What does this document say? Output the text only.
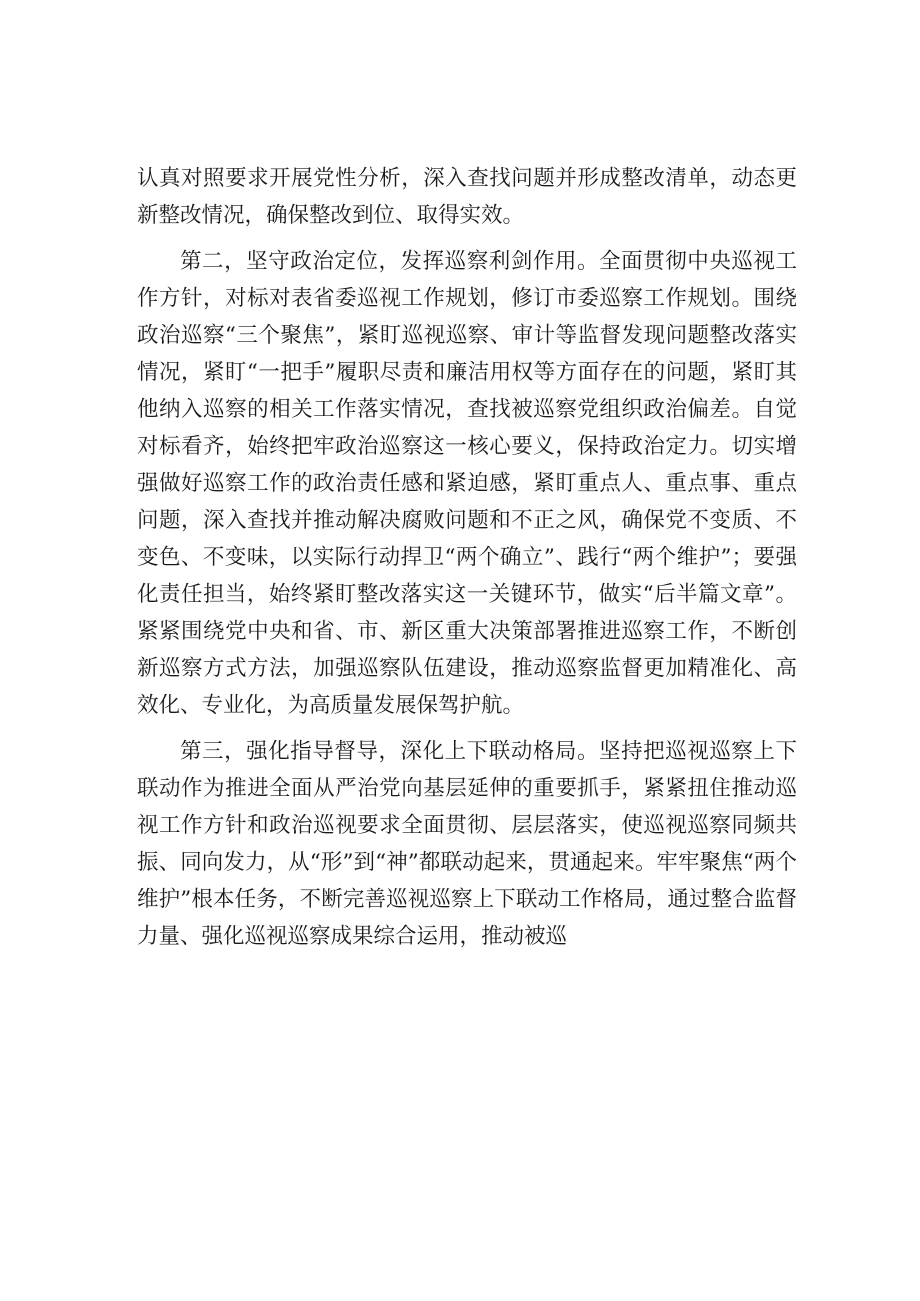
认真对照要求开展党性分析，深入查找问题并形成整改清单，动态更新整改情况，确保整改到位、取得实效。

第二，坚守政治定位，发挥巡察利剑作用。全面贯彻中央巡视工作方针，对标对表省委巡视工作规划，修订市委巡察工作规划。围绕政治巡察“三个聚焦”，紧盯巡视巡察、审计等监督发现问题整改落实情况，紧盯“一把手”履职尽责和廉洁用权等方面存在的问题，紧盯其他纳入巡察的相关工作落实情况，查找被巡察党组织政治偏差。自觉对标看齐，始终把牢政治巡察这一核心要义，保持政治定力。切实增强做好巡察工作的政治责任感和紧迫感，紧盯重点人、重点事、重点问题，深入查找并推动解决腐败问题和不正之风，确保党不变质、不变色、不变味，以实际行动捍卫“两个确立”、践行“两个维护”；要强化责任担当，始终紧盯整改落实这一关键环节，做实“后半篇文章”。紧紧围绕党中央和省、市、新区重大决策部署推进巡察工作，不断创新巡察方式方法，加强巡察队伍建设，推动巡察监督更加精准化、高效化、专业化，为高质量发展保驾护航。

第三，强化指导督导，深化上下联动格局。坚持把巡视巡察上下联动作为推进全面从严治党向基层延伸的重要抓手，紧紧扭住推动巡视工作方针和政治巡视要求全面贯彻、层层落实，使巡视巡察同频共振、同向发力，从“形”到“神”都联动起来，贯通起来。牢牢聚焦“两个维护”根本任务，不断完善巡视巡察上下联动工作格局，通过整合监督力量、强化巡视巡察成果综合运用，推动被巡
